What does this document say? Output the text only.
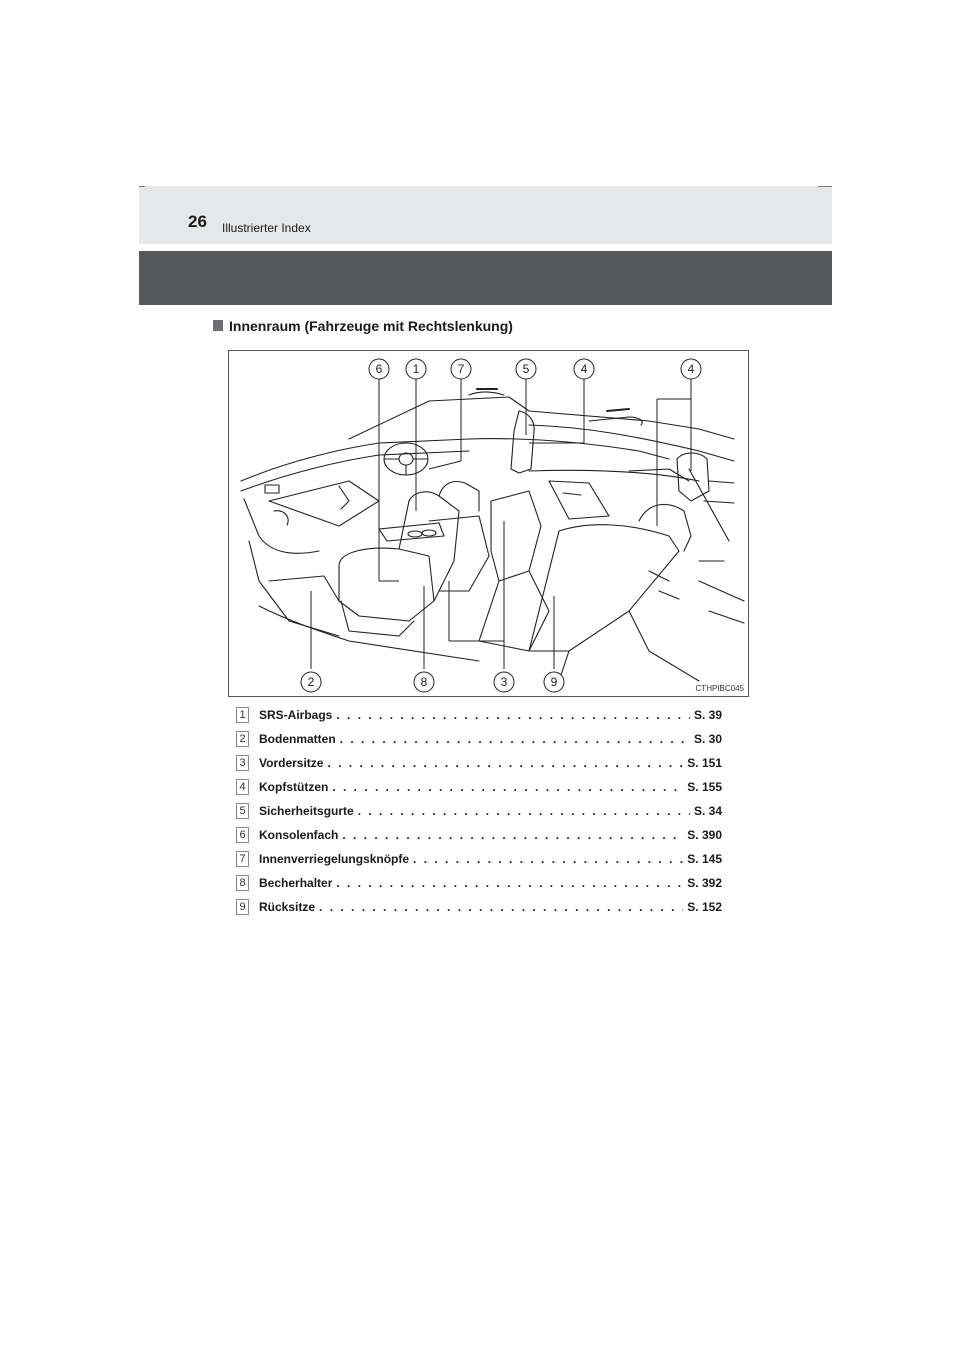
26 Illustrierter Index
Innenraum (Fahrzeuge mit Rechtslenkung)
6	1	7	5	4	4
2	8	3	9	CTHPIBC045
1 SRS-Airbags . . .	S. 39
2 Bodenmatten . . .	S. 30
3 Vordersitze . . .	S. 151
4 Kopfstützen . . .	S. 155
5 Sicherheitsgurte . . .	S. 34
6 Konsolenfach . . .	S. 390
7 Innenverriegelungsknöpfe . . .	S. 145
8 Becherhalter . . .	S. 392
9 Rücksitze . . .	S. 152
